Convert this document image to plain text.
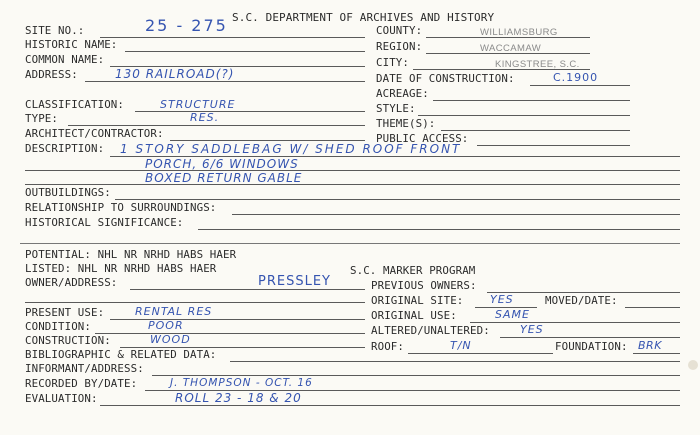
S.C. DEPARTMENT OF ARCHIVES AND HISTORY
SITE NO.:	25 - 275
HISTORIC NAME:
COMMON NAME:
ADDRESS:	130 RAILROAD(?)
CLASSIFICATION:	STRUCTURE
TYPE:	RES.
ARCHITECT/CONTRACTOR:
DESCRIPTION: 1 STORY SADDLEBAG W/ SHED ROOF FRONT
PORCH, 6/6 WINDOWS
BOXED RETURN GABLE
OUTBUILDINGS:
RELATIONSHIP TO SURROUNDINGS:
HISTORICAL SIGNIFICANCE:
POTENTIAL: NHL NR NRHD HABS HAER
LISTED: NHL NR NRHD HABS HAER
OWNER/ADDRESS:	PRESSLEY
PRESENT USE:	RENTAL RES
CONDITION:	POOR
CONSTRUCTION:	WOOD
BIBLIOGRAPHIC & RELATED DATA:
INFORMANT/ADDRESS:
RECORDED BY/DATE:	J. THOMPSON - OCT. 16
EVALUATION:	ROLL 23 - 18 & 20
COUNTY:	WILLIAMSBURG
REGION:	WACCAMAW
CITY:	KINGSTREE, S.C.
DATE OF CONSTRUCTION:	C.1900
ACREAGE:
STYLE:
THEME(S):
PUBLIC ACCESS:
S.C. MARKER PROGRAM
PREVIOUS OWNERS:
ORIGINAL SITE: YES	MOVED/DATE:
ORIGINAL USE:	SAME
ALTERED/UNALTERED:	YES
ROOF:	T/N	FOUNDATION: BRK
